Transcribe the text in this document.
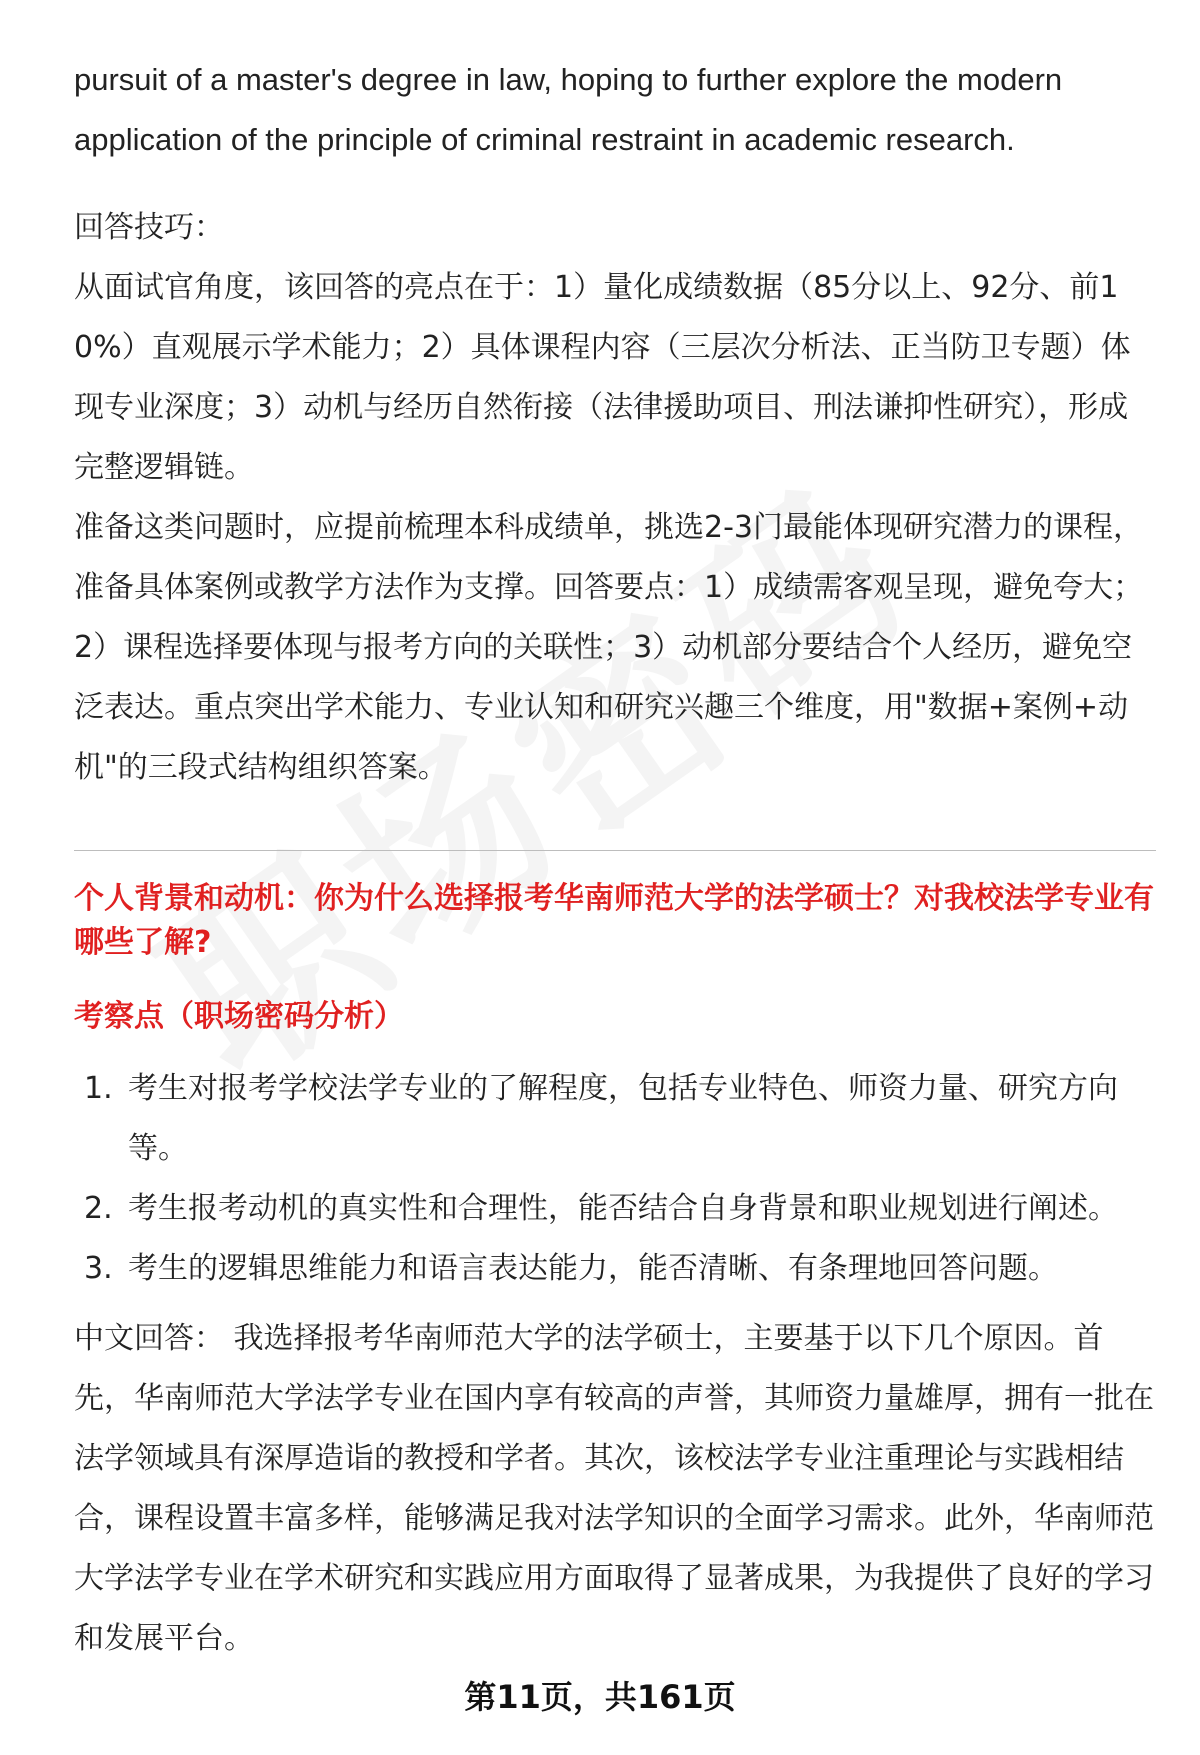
pursuit of a master's degree in law, hoping to further explore the modern application of the principle of criminal restraint in academic research.

回答技巧：

从面试官角度，该回答的亮点在于：1）量化成绩数据（85分以上、92分、前10%）直观展示学术能力；2）具体课程内容（三层次分析法、正当防卫专题）体现专业深度；3）动机与经历自然衔接（法律援助项目、刑法谦抑性研究），形成完整逻辑链。

准备这类问题时，应提前梳理本科成绩单，挑选2-3门最能体现研究潜力的课程，准备具体案例或教学方法作为支撑。回答要点：1）成绩需客观呈现，避免夸大；2）课程选择要体现与报考方向的关联性；3）动机部分要结合个人经历，避免空泛表达。重点突出学术能力、专业认知和研究兴趣三个维度，用"数据+案例+动机"的三段式结构组织答案。

个人背景和动机：你为什么选择报考华南师范大学的法学硕士？对我校法学专业有哪些了解?

考察点（职场密码分析）

1. 考生对报考学校法学专业的了解程度，包括专业特色、师资力量、研究方向等。
2. 考生报考动机的真实性和合理性，能否结合自身背景和职业规划进行阐述。
3. 考生的逻辑思维能力和语言表达能力，能否清晰、有条理地回答问题。

中文回答： 我选择报考华南师范大学的法学硕士，主要基于以下几个原因。首先，华南师范大学法学专业在国内享有较高的声誉，其师资力量雄厚，拥有一批在法学领域具有深厚造诣的教授和学者。其次，该校法学专业注重理论与实践相结合，课程设置丰富多样，能够满足我对法学知识的全面学习需求。此外，华南师范大学法学专业在学术研究和实践应用方面取得了显著成果，为我提供了良好的学习和发展平台。

第11页，共161页
